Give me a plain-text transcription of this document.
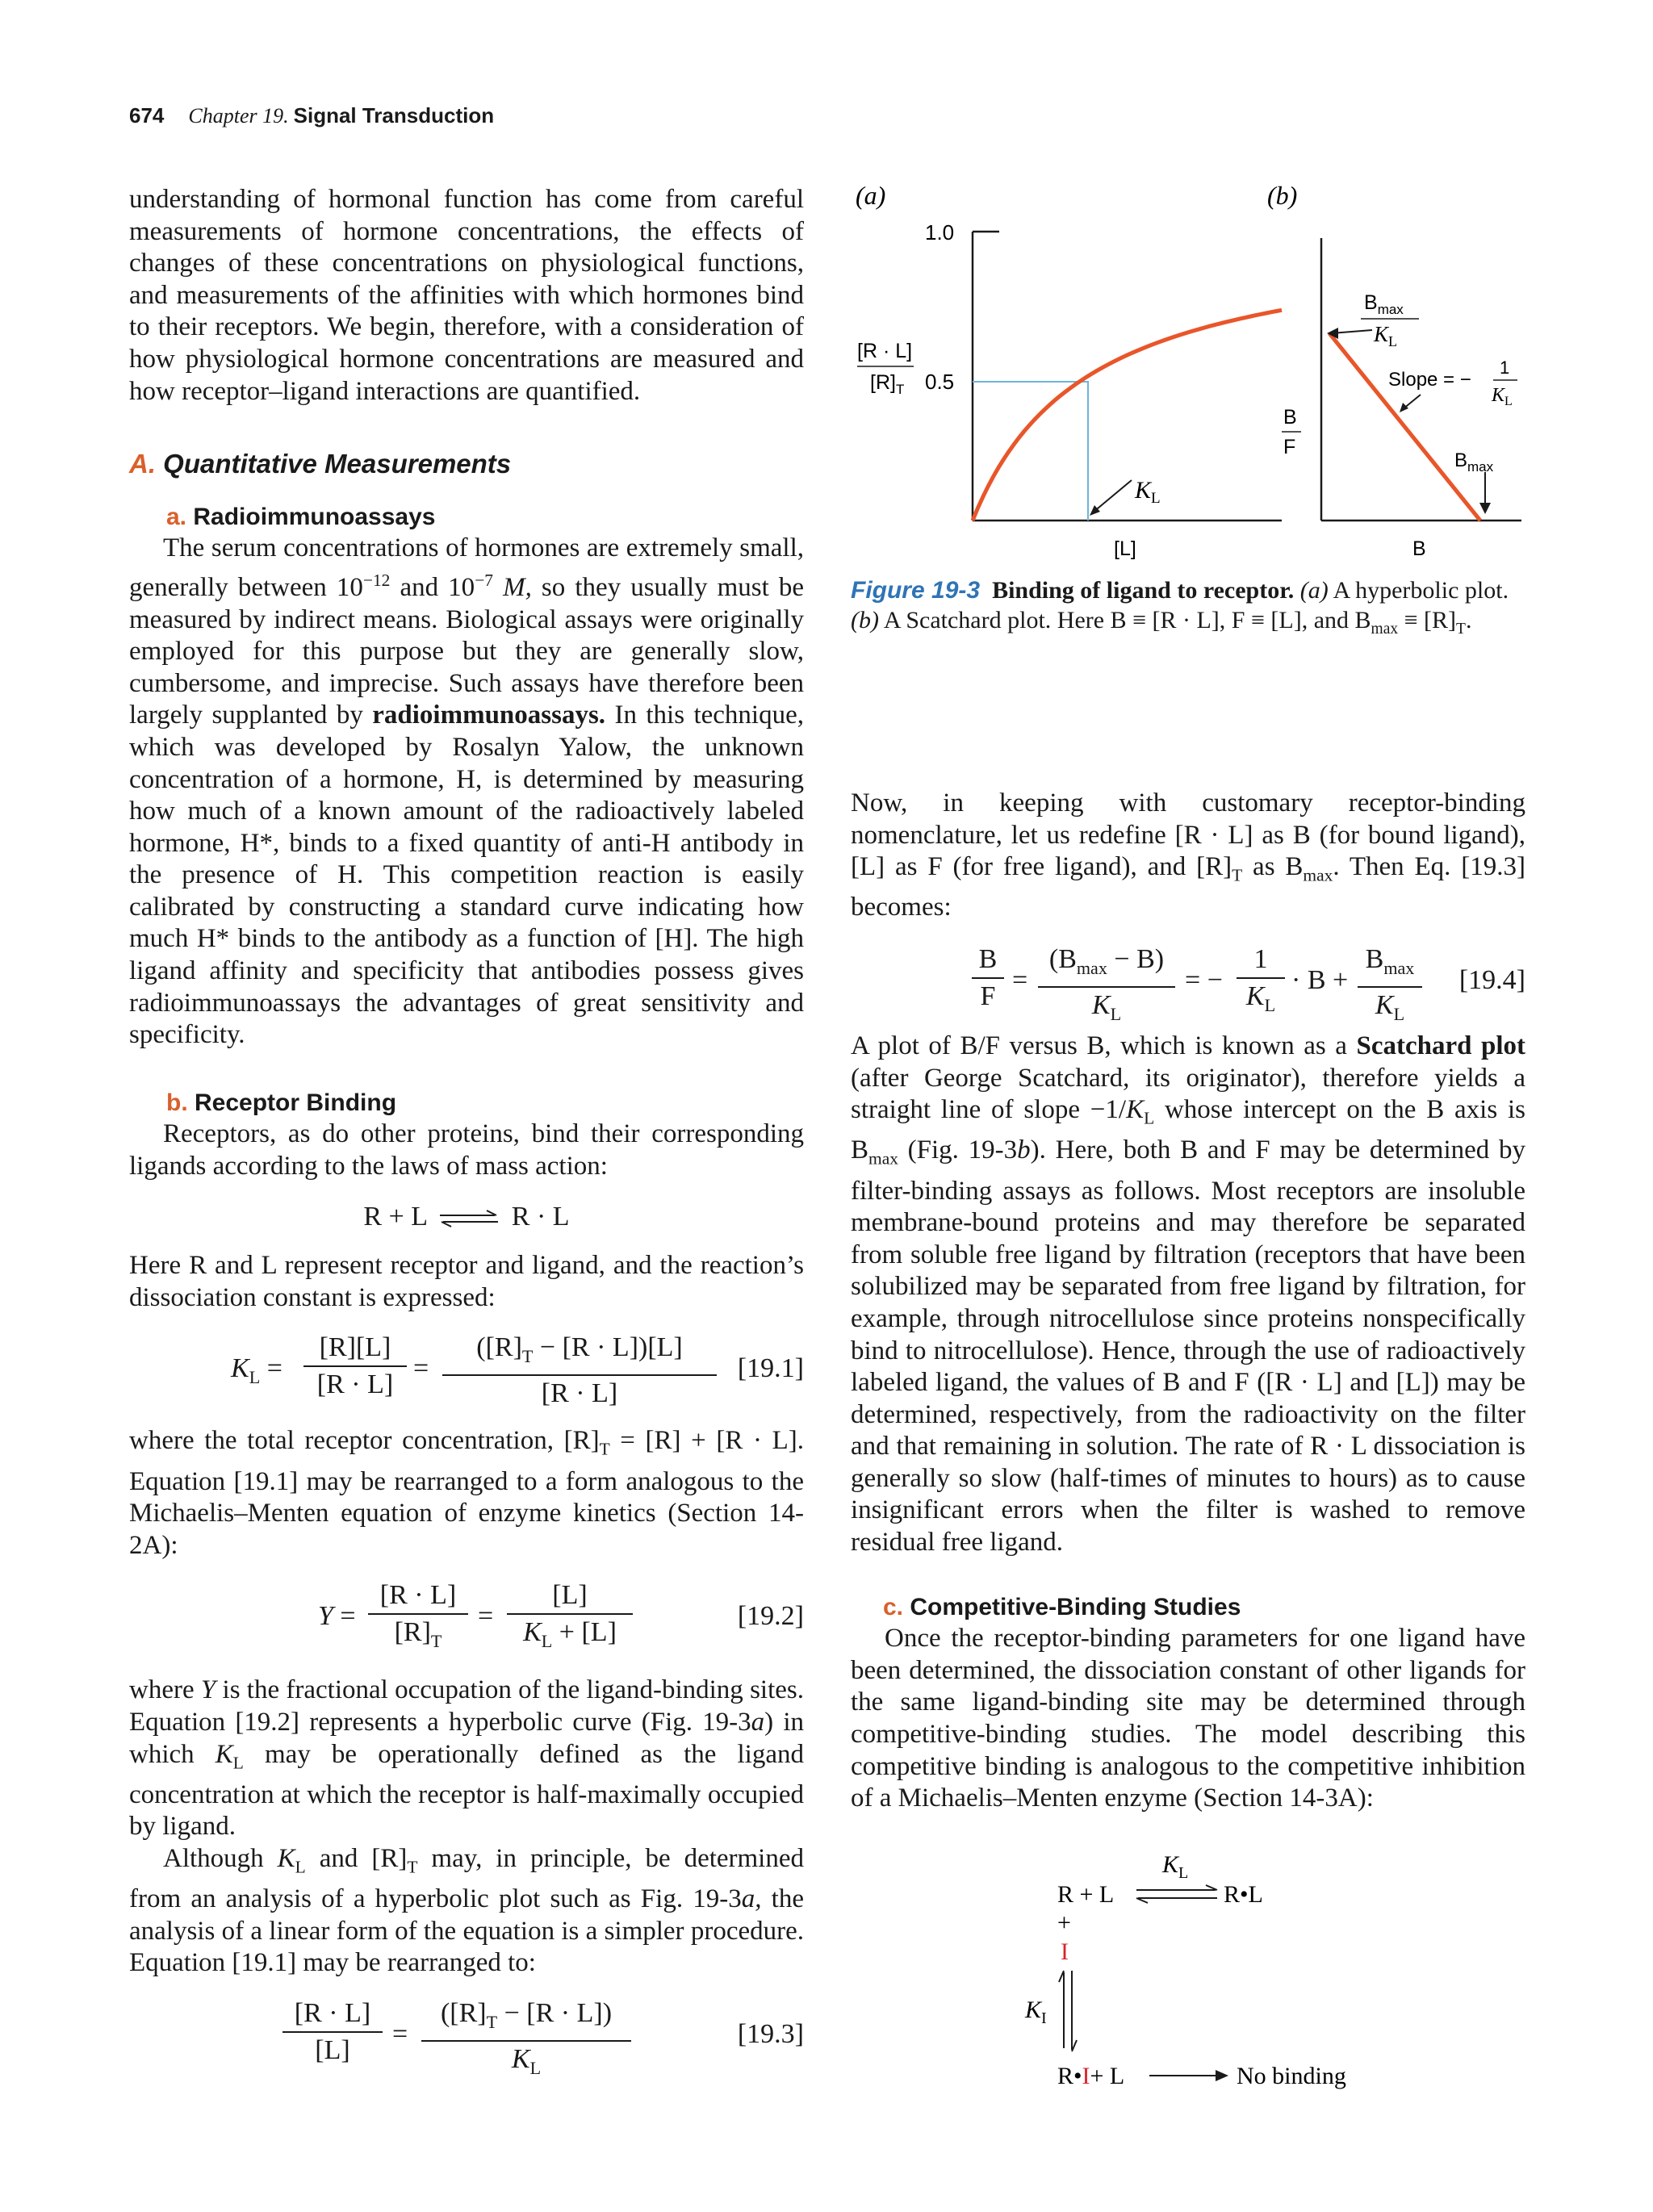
674 Chapter 19. Signal Transduction

understanding of hormonal function has come from careful measurements of hormone concentrations, the effects of changes of these concentrations on physiological functions, and measurements of the affinities with which hormones bind to their receptors. We begin, therefore, with a consideration of how physiological hormone concentrations are measured and how receptor–ligand interactions are quantified.

A. Quantitative Measurements
a. Radioimmunoassays

The serum concentrations of hormones are extremely small, generally between $10^{-12}$ and $10^{-7}$ M, so they usually must be measured by indirect means. Biological assays were originally employed for this purpose but they are generally slow, cumbersome, and imprecise. Such assays have therefore been largely supplanted by radioimmunoassays. In this technique, which was developed by Rosalyn Yalow, the unknown concentration of a hormone, H, is determined by measuring how much of a known amount of the radioactively labeled hormone, H*, binds to a fixed quantity of anti-H antibody in the presence of H. This competition reaction is easily calibrated by constructing a standard curve indicating how much H* binds to the antibody as a function of [H]. The high ligand affinity and specificity that antibodies possess gives radioimmunoassays the advantages of great sensitivity and specificity.

b. Receptor Binding

Receptors, as do other proteins, bind their corresponding ligands according to the laws of mass action:

R + L ⇌ R · L

Here R and L represent receptor and ligand, and the reaction’s dissociation constant is expressed:

$K_L$ =
[R][L]
[R · L]
=
$([R]_T - [R \cdot L])[L]$
[R · L]
[19.1]

where the total receptor concentration, $[R]_T = [R] + [R \cdot L]$. Equation [19.1] may be rearranged to a form analogous to the Michaelis–Menten equation of enzyme kinetics (Section 14-2A):

Y =
[R · L]
$[R]_T$
=
[L]
$K_L + [L]$
[19.2]

where Y is the fractional occupation of the ligand-binding sites. Equation [19.2] represents a hyperbolic curve (Fig. 19-3a) in which $K_L$ may be operationally defined as the ligand concentration at which the receptor is half-maximally occupied by ligand.

Although $K_L$ and $[R]_T$ may, in principle, be determined from an analysis of a hyperbolic plot such as Fig. 19-3a, the analysis of a linear form of the equation is a simpler procedure. Equation [19.1] may be rearranged to:

[R · L]
[L]
=
$([R]_T - [R \cdot L])$
$K_L$
[19.3]
(a)	(b)
1.0
0.5
[R · L]
$[R]_T$
$K_L$
[L]
B
F
$B_{max}$
$K_L$
Slope = −
1
$K_L$
$B_{max}$
B
Figure 19-3 Binding of ligand to receptor. (a) A hyperbolic plot. (b) A Scatchard plot. Here B ≡ [R · L], F ≡ [L], and $B_{max} \equiv [R]_T$.

Now, in keeping with customary receptor-binding nomenclature, let us redefine [R · L] as B (for bound ligand), [L] as F (for free ligand), and $[R]_T$ as $B_{max}$. Then Eq. [19.3] becomes:

B
F
=
$(B_{max} - B)$
$K_L$
= −
1
$K_L$
· B +
$B_{max}$
$K_L$
[19.4]

A plot of B/F versus B, which is known as a Scatchard plot (after George Scatchard, its originator), therefore yields a straight line of slope $-1/K_L$ whose intercept on the B axis is $B_{max}$ (Fig. 19-3b). Here, both B and F may be determined by filter-binding assays as follows. Most receptors are insoluble membrane-bound proteins and may therefore be separated from soluble free ligand by filtration (receptors that have been solubilized may be separated from free ligand by filtration, for example, through nitrocellulose since proteins nonspecifically bind to nitrocellulose). Hence, through the use of radioactively labeled ligand, the values of B and F ([R · L] and [L]) may be determined, respectively, from the radioactivity on the filter and that remaining in solution. The rate of R · L dissociation is generally so slow (half-times of minutes to hours) as to cause insignificant errors when the filter is washed to remove residual free ligand.

c. Competitive-Binding Studies

Once the receptor-binding parameters for one ligand have been determined, the dissociation constant of other ligands for the same ligand-binding site may be determined through competitive-binding studies. The model describing this competitive binding is analogous to the competitive inhibition of a Michaelis–Menten enzyme (Section 14-3A):

$K_L$
R + L	R•L
+
I
$K_I$
R•I+ L	No binding
